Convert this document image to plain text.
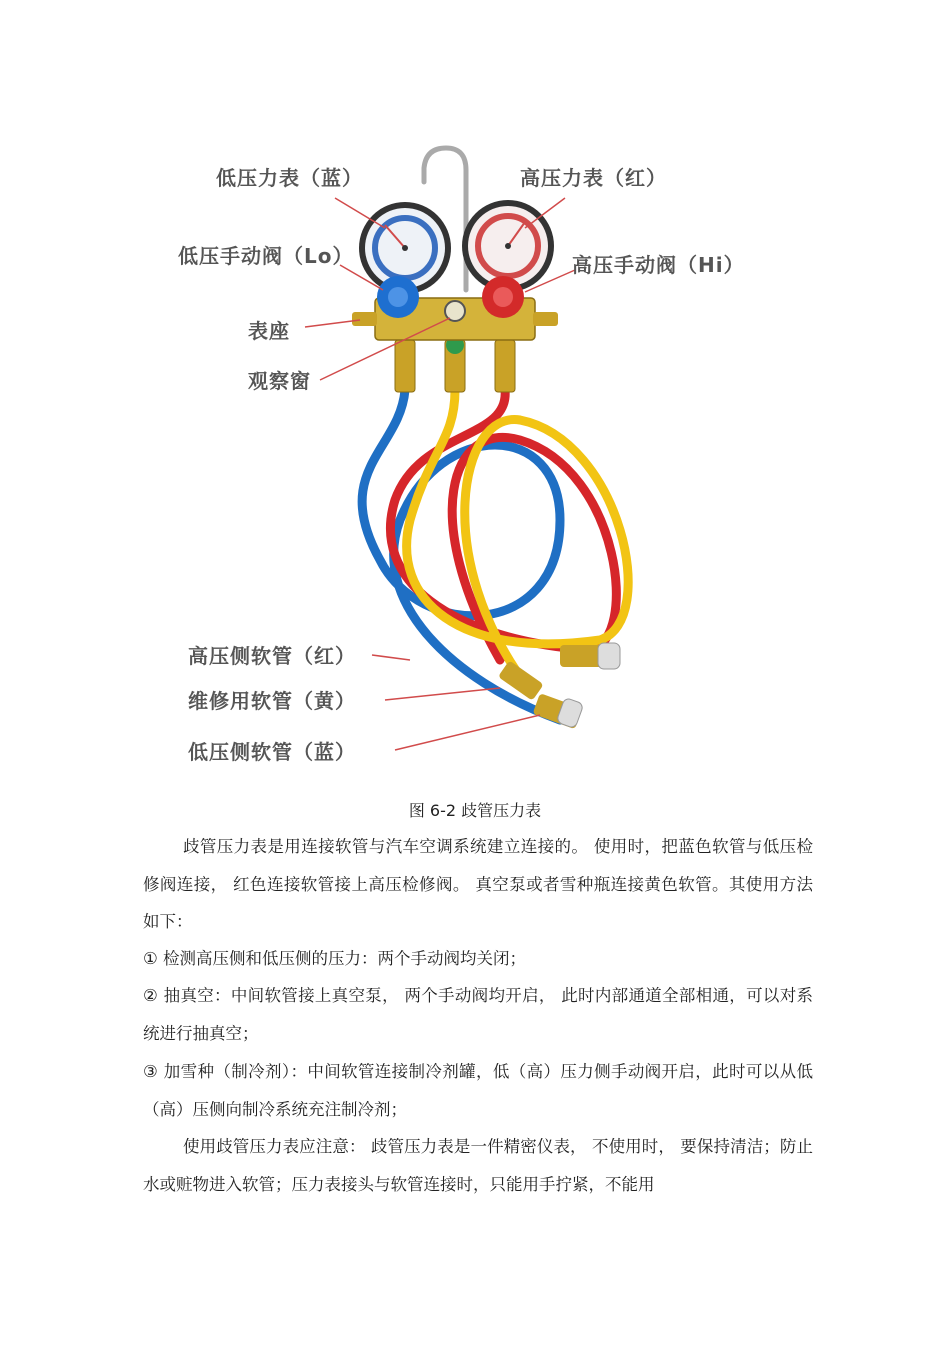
低压力表（蓝）	高压力表（红）
低压手动阀（Lo）	高压手动阀（Hi）
表座
观察窗
高压侧软管（红）
维修用软管（黄）
低压侧软管（蓝）
图 6-2 歧管压力表

歧管压力表是用连接软管与汽车空调系统建立连接的。 使用时，把蓝色软管与低压检修阀连接， 红色连接软管接上高压检修阀。 真空泵或者雪种瓶连接黄色软管。其使用方法如下：

① 检测高压侧和低压侧的压力：两个手动阀均关闭；

② 抽真空：中间软管接上真空泵， 两个手动阀均开启， 此时内部通道全部相通，可以对系统进行抽真空；

③ 加雪种（制冷剂）：中间软管连接制冷剂罐，低（高）压力侧手动阀开启，此时可以从低（高）压侧向制冷系统充注制冷剂；

使用歧管压力表应注意： 歧管压力表是一件精密仪表， 不使用时， 要保持清洁；防止水或赃物进入软管；压力表接头与软管连接时，只能用手拧紧，不能用
